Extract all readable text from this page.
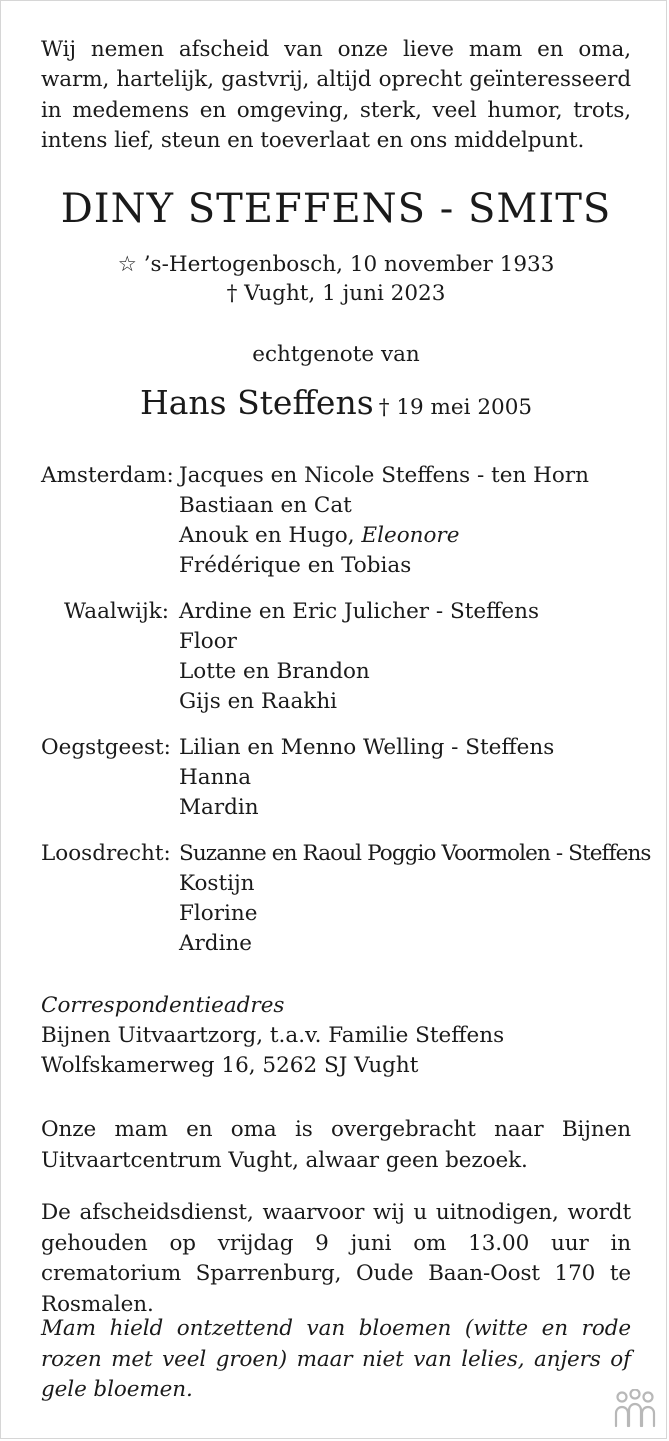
Wij nemen afscheid van onze lieve mam en oma, warm, hartelijk, gastvrij, altijd oprecht geïnteresseerd in medemens en omgeving, sterk, veel humor, trots, intens lief, steun en toeverlaat en ons middelpunt.
DINY STEFFENS - SMITS
☆ ’s-Hertogenbosch, 10 november 1933
† Vught, 1 juni 2023
echtgenote van
Hans Steffens † 19 mei 2005
Amsterdam: Jacques en Nicole Steffens - ten Horn
Bastiaan en Cat
Anouk en Hugo, Eleonore
Frédérique en Tobias
Waalwijk: Ardine en Eric Julicher - Steffens
Floor
Lotte en Brandon
Gijs en Raakhi
Oegstgeest: Lilian en Menno Welling - Steffens
Hanna
Mardin
Loosdrecht: Suzanne en Raoul Poggio Voormolen - Steffens
Kostijn
Florine
Ardine
Correspondentieadres
Bijnen Uitvaartzorg, t.a.v. Familie Steffens
Wolfskamerweg 16, 5262 SJ Vught
Onze mam en oma is overgebracht naar Bijnen Uitvaartcentrum Vught, alwaar geen bezoek.
De afscheidsdienst, waarvoor wij u uitnodigen, wordt gehouden op vrijdag 9 juni om 13.00 uur in crematorium Sparrenburg, Oude Baan-Oost 170 te Rosmalen.
Mam hield ontzettend van bloemen (witte en rode rozen met veel groen) maar niet van lelies, anjers of gele bloemen.
